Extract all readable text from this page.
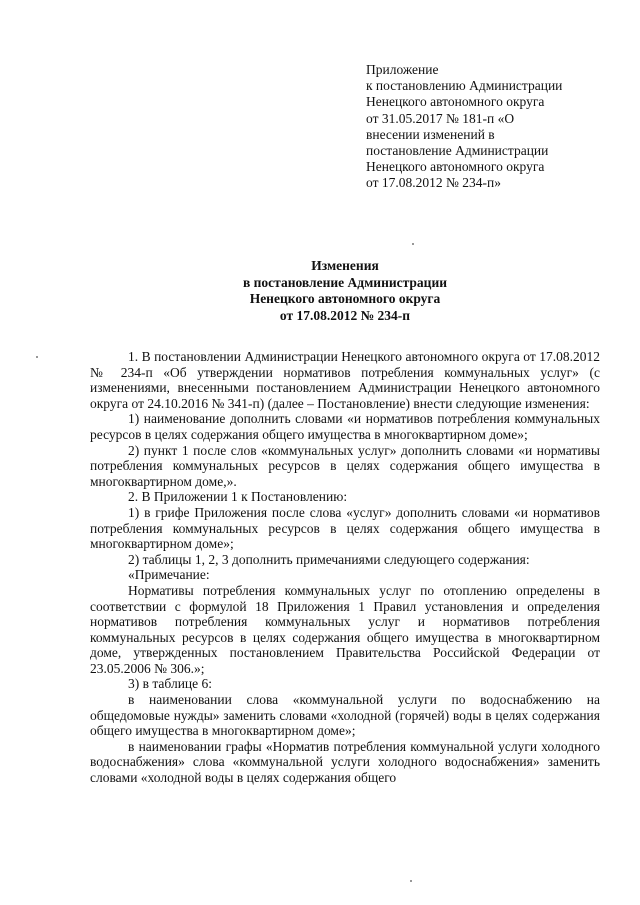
Приложение
к постановлению Администрации
Ненецкого автономного округа
от 31.05.2017 № 181-п «О
внесении изменений в
постановление Администрации
Ненецкого автономного округа
от 17.08.2012 № 234-п»
Изменения
в постановление Администрации
Ненецкого автономного округа
от 17.08.2012 № 234-п

1. В постановлении Администрации Ненецкого автономного округа от 17.08.2012 № 234-п «Об утверждении нормативов потребления коммунальных услуг» (с изменениями, внесенными постановлением Администрации Ненецкого автономного округа от 24.10.2016 № 341-п) (далее – Постановление) внести следующие изменения:

1) наименование дополнить словами «и нормативов потребления коммунальных ресурсов в целях содержания общего имущества в многоквартирном доме»;

2) пункт 1 после слов «коммунальных услуг» дополнить словами «и нормативы потребления коммунальных ресурсов в целях содержания общего имущества в многоквартирном доме,».

2. В Приложении 1 к Постановлению:

1) в грифе Приложения после слова «услуг» дополнить словами «и нормативов потребления коммунальных ресурсов в целях содержания общего имущества в многоквартирном доме»;

2) таблицы 1, 2, 3 дополнить примечаниями следующего содержания:

«Примечание:

Нормативы потребления коммунальных услуг по отоплению определены в соответствии с формулой 18 Приложения 1 Правил установления и определения нормативов потребления коммунальных услуг и нормативов потребления коммунальных ресурсов в целях содержания общего имущества в многоквартирном доме, утвержденных постановлением Правительства Российской Федерации от 23.05.2006 № 306.»;

3) в таблице 6:

в наименовании слова «коммунальной услуги по водоснабжению на общедомовые нужды» заменить словами «холодной (горячей) воды в целях содержания общего имущества в многоквартирном доме»;

в наименовании графы «Норматив потребления коммунальной услуги холодного водоснабжения» слова «коммунальной услуги холодного водоснабжения» заменить словами «холодной воды в целях содержания общего
